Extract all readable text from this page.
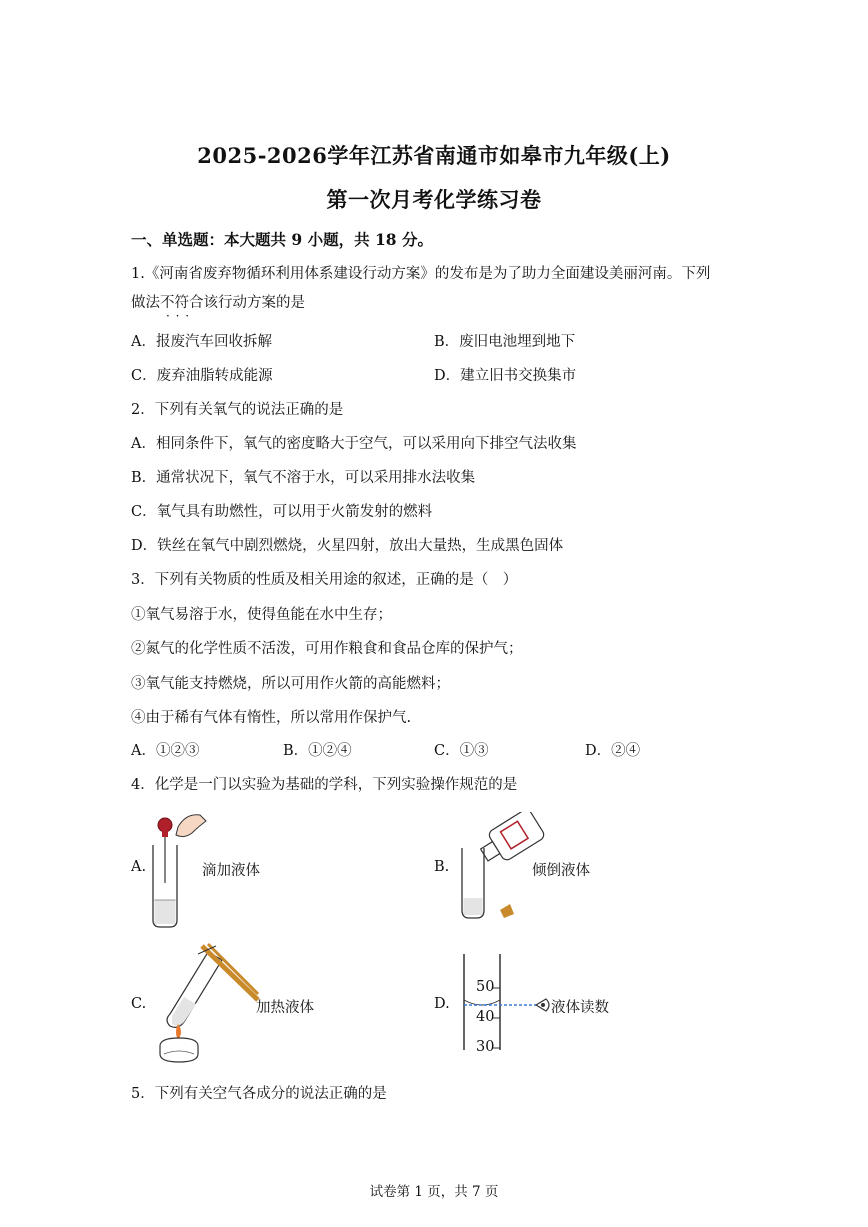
2025-2026学年江苏省南通市如皋市九年级(上)
第一次月考化学练习卷
一、单选题：本大题共 9 小题，共 18 分。
1.《河南省废弃物循环利用体系建设行动方案》的发布是为了助力全面建设美丽河南。下列
做法不符合 · · ·该行动方案的是
A．报废汽车回收拆解	B．废旧电池埋到地下
C．废弃油脂转成能源	D．建立旧书交换集市
2．下列有关氧气的说法正确的是
A．相同条件下，氧气的密度略大于空气，可以采用向下排空气法收集
B．通常状况下，氧气不溶于水，可以采用排水法收集
C．氧气具有助燃性，可以用于火箭发射的燃料
D．铁丝在氧气中剧烈燃烧，火星四射，放出大量热，生成黑色固体
3．下列有关物质的性质及相关用途的叙述，正确的是（　）
①氧气易溶于水，使得鱼能在水中生存；
②氮气的化学性质不活泼，可用作粮食和食品仓库的保护气；
③氧气能支持燃烧，所以可用作火箭的高能燃料；
④由于稀有气体有惰性，所以常用作保护气.
A．①②③	B．①②④	C．①③	D．②④
4．化学是一门以实验为基础的学科，下列实验操作规范的是
A.	滴加液体	B.	倾倒液体
C.	加热液体	D.
50
40
30
液体读数
5．下列有关空气各成分的说法正确的是
试卷第 1 页，共 7 页
